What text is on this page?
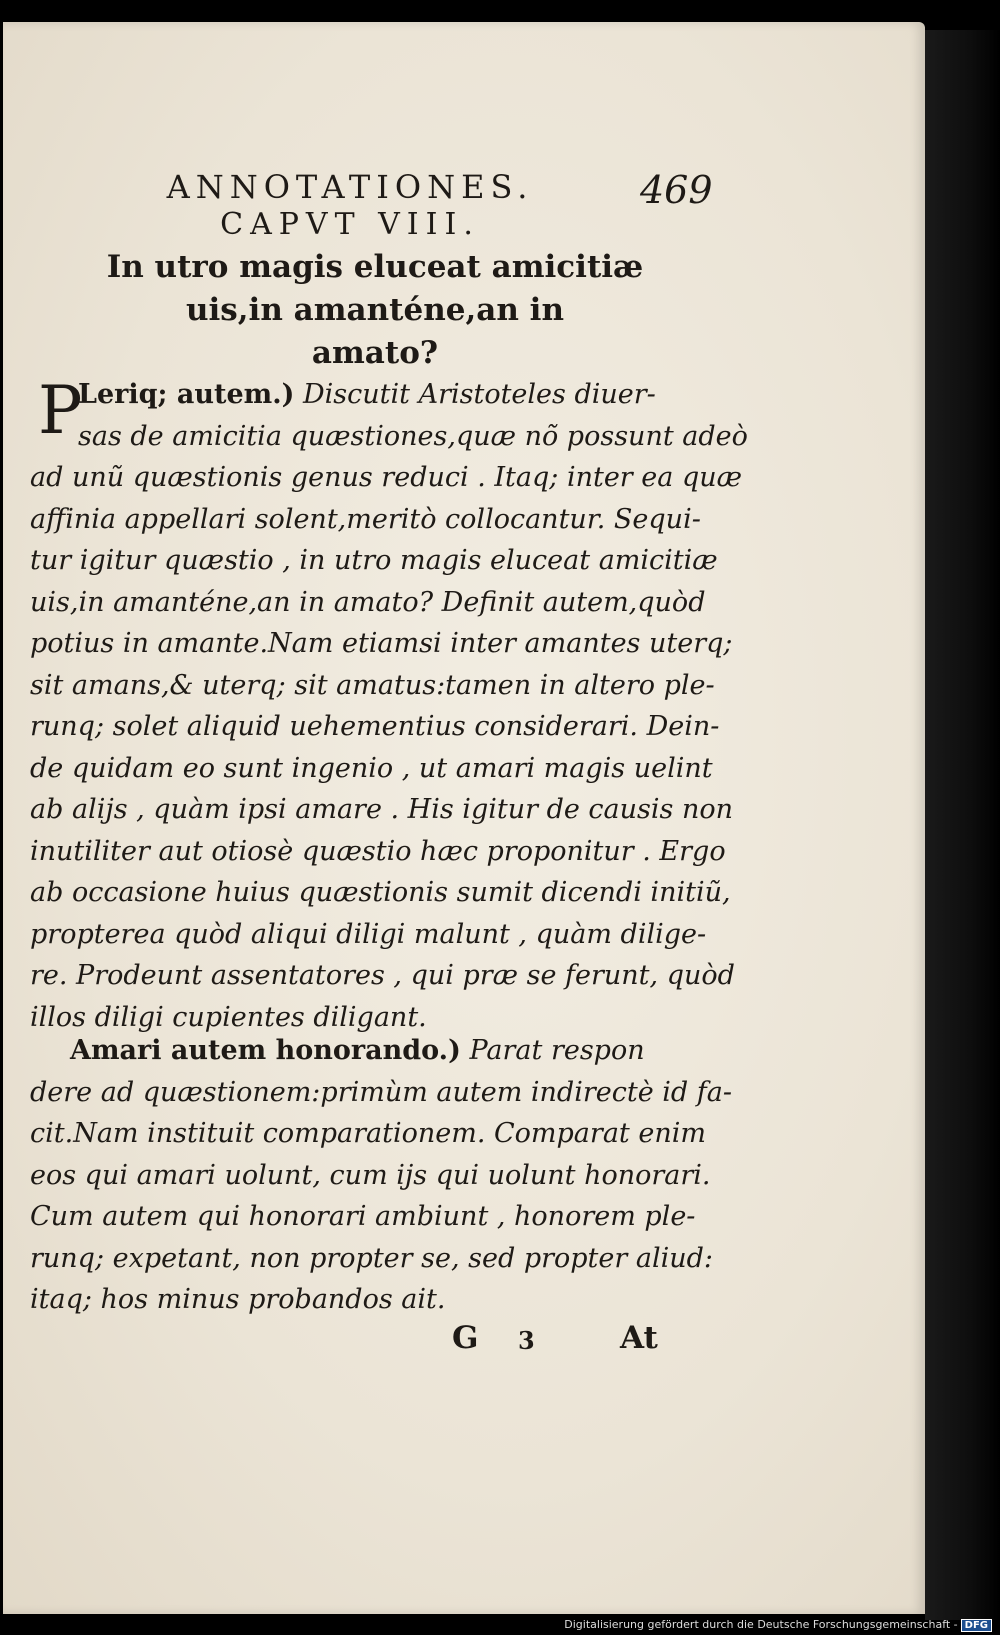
ANNOTATIONES.	469
CAPVT VIII.
In utro magis eluceat amicitiæ
uis,in amanténe,an in
amato?
P
Leriq; autem.) Discutit Aristoteles diuer-
sas de amicitia quæstiones,quæ nõ possunt adeò
ad unũ quæstionis genus reduci . Itaq; inter ea quæ
affinia appellari solent,meritò collocantur. Sequi-
tur igitur quæstio , in utro magis eluceat amicitiæ
uis,in amanténe,an in amato? Definit autem,quòd
potius in amante.Nam etiamsi inter amantes uterq;
sit amans,& uterq; sit amatus:tamen in altero ple-
runq; solet aliquid uehementius considerari. Dein-
de quidam eo sunt ingenio , ut amari magis uelint
ab alijs , quàm ipsi amare . His igitur de causis non
inutiliter aut otiosè quæstio hæc proponitur . Ergo
ab occasione huius quæstionis sumit dicendi initiũ,
propterea quòd aliqui diligi malunt , quàm dilige-
re. Prodeunt assentatores , qui præ se ferunt, quòd
illos diligi cupientes diligant.
Amari autem honorando.) Parat respon
dere ad quæstionem:primùm autem indirectè id fa-
cit.Nam instituit comparationem. Comparat enim
eos qui amari uolunt, cum ijs qui uolunt honorari.
Cum autem qui honorari ambiunt , honorem ple-
runq; expetant, non propter se, sed propter aliud:
itaq; hos minus probandos ait.
G 3	At
Digitalisierung gefördert durch die Deutsche Forschungsgemeinschaft - DFG
